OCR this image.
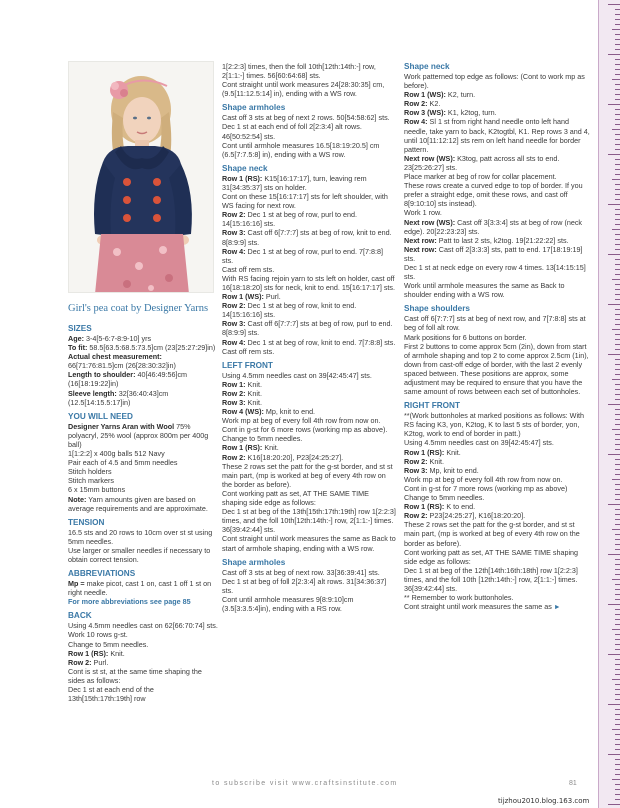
Girl's pea coat by Designer Yarns
SIZES

Age: 3-4[5-6:7-8:9-10] yrs

To fit: 58.5[63.5:68.5:73.5]cm (23[25:27:29]in)

Actual chest measurement: 66[71:76:81.5]cm (26[28:30:32]in)

Length to shoulder: 40[46:49:56]cm (16[18:19:22]in)

Sleeve length: 32[36:40:43]cm (12.5[14:15.5:17]in)

YOU WILL NEED

Designer Yarns Aran with Wool 75% polyacryl, 25% wool (approx 800m per 400g ball)

1[1:2:2] x 400g balls 512 Navy

Pair each of 4.5 and 5mm needles

Stitch holders

Stitch markers

6 x 15mm buttons

Note: Yarn amounts given are based on average requirements and are approximate.

TENSION

16.5 sts and 20 rows to 10cm over st st using 5mm needles.

Use larger or smaller needles if necessary to obtain correct tension.

ABBREVIATIONS

Mp = make picot, cast 1 on, cast 1 off 1 st on right needle.

For more abbreviations see page 85

BACK

Using 4.5mm needles cast on 62[66:70:74] sts.

Work 10 rows g-st.

Change to 5mm needles.

Row 1 (RS): Knit.

Row 2: Purl.

Cont is st st, at the same time shaping the sides as follows:

Dec 1 st at each end of the 13th[15th:17th:19th] row

1[2:2:3] times, then the foll 10th[12th:14th:-] row, 2[1:1:-] times. 56[60:64:68] sts.

Cont straight until work measures 24[28:30:35] cm, (9.5[11:12.5:14] in), ending with a WS row.

Shape armholes

Cast off 3 sts at beg of next 2 rows. 50[54:58:62] sts.

Dec 1 st at each end of foll 2[2:3:4] alt rows. 46[50:52:54] sts.

Cont until armhole measures 16.5[18:19:20.5] cm (6.5[7:7.5:8] in), ending with a WS row.

Shape neck

Row 1 (RS): K15[16:17:17], turn, leaving rem 31[34:35:37] sts on holder.

Cont on these 15[16:17:17] sts for left shoulder, with WS facing for next row.

Row 2: Dec 1 st at beg of row, purl to end. 14[15:16:16] sts.

Row 3: Cast off 6[7:7:7] sts at beg of row, knit to end. 8[8:9:9] sts.

Row 4: Dec 1 st at beg of row, purl to end. 7[7:8:8] sts.

Cast off rem sts.

With RS facing rejoin yarn to sts left on holder, cast off 16[18:18:20] sts for neck, knit to end. 15[16:17:17] sts.

Row 1 (WS): Purl.

Row 2: Dec 1 st at beg of row, knit to end. 14[15:16:16] sts.

Row 3: Cast off 6[7:7:7] sts at beg of row, purl to end. 8[8:9:9] sts.

Row 4: Dec 1 st at beg of row, knit to end. 7[7:8:8] sts.

Cast off rem sts.

LEFT FRONT

Using 4.5mm needles cast on 39[42:45:47] sts.

Row 1: Knit.

Row 2: Knit.

Row 3: Knit.

Row 4 (WS): Mp, knit to end.

Work mp at beg of every foll 4th row from now on.

Cont in g-st for 6 more rows (working mp as above).

Change to 5mm needles.

Row 1 (RS): Knit.

Row 2: K16[18:20:20], P23[24:25:27].

These 2 rows set the patt for the g-st border, and st st main part, (mp is worked at beg of every 4th row on the border as before).

Cont working patt as set, AT THE SAME TIME shaping side edge as follows:

Dec 1 st at beg of the 13th[15th:17th:19th] row 1[2:2:3] times, and the foll 10th[12th:14th:-] row, 2[1:1:-] times. 36[39:42:44] sts.

Cont straight until work measures the same as Back to start of armhole shaping, ending with a WS row.

Shape armholes

Cast off 3 sts at beg of next row. 33[36:39:41] sts.

Dec 1 st at beg of foll 2[2:3:4] alt rows. 31[34:36:37] sts.

Cont until armhole measures 9[8:9:10]cm (3.5[3:3.5:4]in), ending with a RS row.

Shape neck

Work patterned top edge as follows: (Cont to work mp as before).

Row 1 (WS): K2, turn.

Row 2: K2.

Row 3 (WS): K1, k2tog, turn.

Row 4: Sl 1 st from right hand needle onto left hand needle, take yarn to back, K2togtbl, K1. Rep rows 3 and 4, until 10[11:12:12] sts rem on left hand needle for border pattern.

Next row (WS): K3tog, patt across all sts to end. 23[25:26:27] sts.

Place marker at beg of row for collar placement.

These rows create a curved edge to top of border. If you prefer a straight edge, omit these rows, and cast off 8[9:10:10] sts instead).

Work 1 row.

Next row (WS): Cast off 3[3:3:4] sts at beg of row (neck edge). 20[22:23:23] sts.

Next row: Patt to last 2 sts, k2tog. 19[21:22:22] sts.

Next row: Cast off 2[3:3:3] sts, patt to end. 17[18:19:19] sts.

Dec 1 st at neck edge on every row 4 times. 13[14:15:15] sts.

Work until armhole measures the same as Back to shoulder ending with a WS row.

Shape shoulders

Cast off 6[7:7:7] sts at beg of next row, and 7[7:8:8] sts at beg of foll alt row.

Mark positions for 6 buttons on border.

First 2 buttons to come approx 5cm (2in), down from start of armhole shaping and top 2 to come approx 2.5cm (1in), down from cast-off edge of border, with the last 2 evenly spaced between. These positions are approx, some adjustment may be required to ensure that you have the same amount of rows between each set of buttonholes.

RIGHT FRONT

**(Work buttonholes at marked positions as follows: With RS facing K3, yon, K2tog, K to last 5 sts of border, yon, K2tog, work to end of border in patt.)

Using 4.5mm needles cast on 39[42:45:47] sts.

Row 1 (RS): Knit.

Row 2: Knit.

Row 3: Mp, knit to end.

Work mp at beg of every foll 4th row from now on.

Cont in g-st for 7 more rows (working mp as above)

Change to 5mm needles.

Row 1 (RS): K to end.

Row 2: P23[24:25:27], K16[18:20:20].

These 2 rows set the patt for the g-st border, and st st main part, (mp is worked at beg of every 4th row on the border as before).

Cont working patt as set, AT THE SAME TIME shaping side edge as follows:

Dec 1 st at beg of the 12th[14th:16th:18th] row 1[2:2:3] times, and the foll 10th [12th:14th:-] row, 2[1:1:-] times. 36[39:42:44] sts.

** Remember to work buttonholes.

Cont straight until work measures the same as ►

to subscribe visit www.craftsinstitute.com	81
tijzhou2010.blog.163.com
